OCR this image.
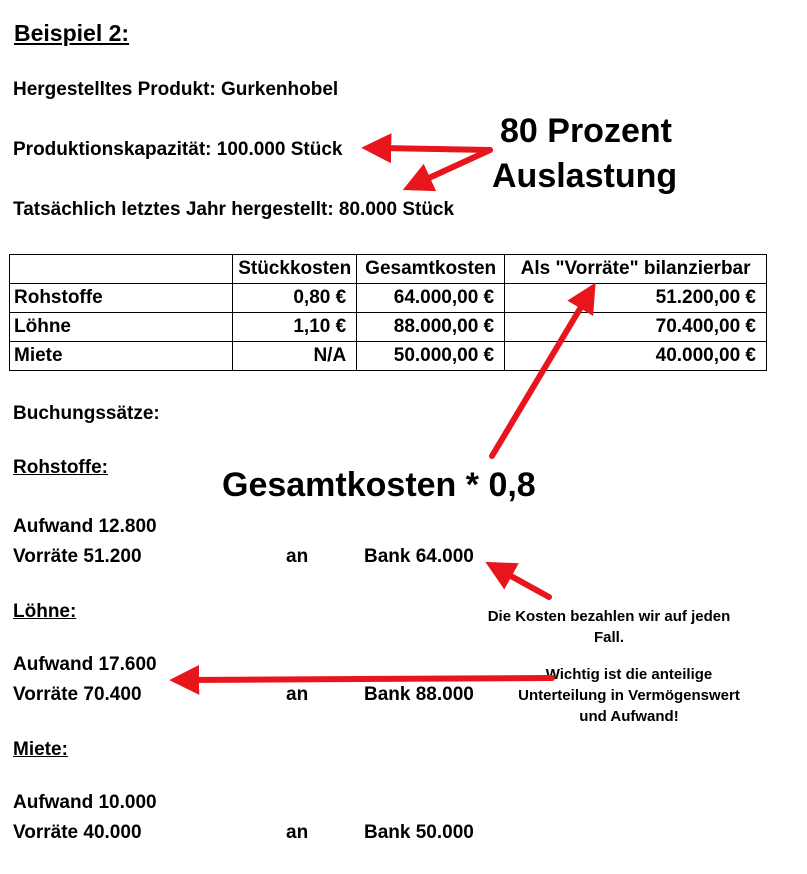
Beispiel 2:
Hergestelltes Produkt: Gurkenhobel
Produktionskapazität: 100.000 Stück
Tatsächlich letztes Jahr hergestellt: 80.000 Stück
80 Prozent
Auslastung
	Stückkosten	Gesamtkosten	Als "Vorräte" bilanzierbar
Rohstoffe	0,80 €	64.000,00 €	51.200,00 €
Löhne	1,10 €	88.000,00 €	70.400,00 €
Miete	N/A	50.000,00 €	40.000,00 €
Buchungssätze:
Gesamtkosten * 0,8
Rohstoffe:
Aufwand 12.800
Vorräte 51.200	an	Bank 64.000
Löhne:
Aufwand 17.600
Vorräte 70.400	an	Bank 88.000
Miete:
Aufwand 10.000
Vorräte 40.000	an	Bank 50.000
Die Kosten bezahlen wir auf jeden
Fall.
Wichtig ist die anteilige
Unterteilung in Vermögenswert
und Aufwand!
